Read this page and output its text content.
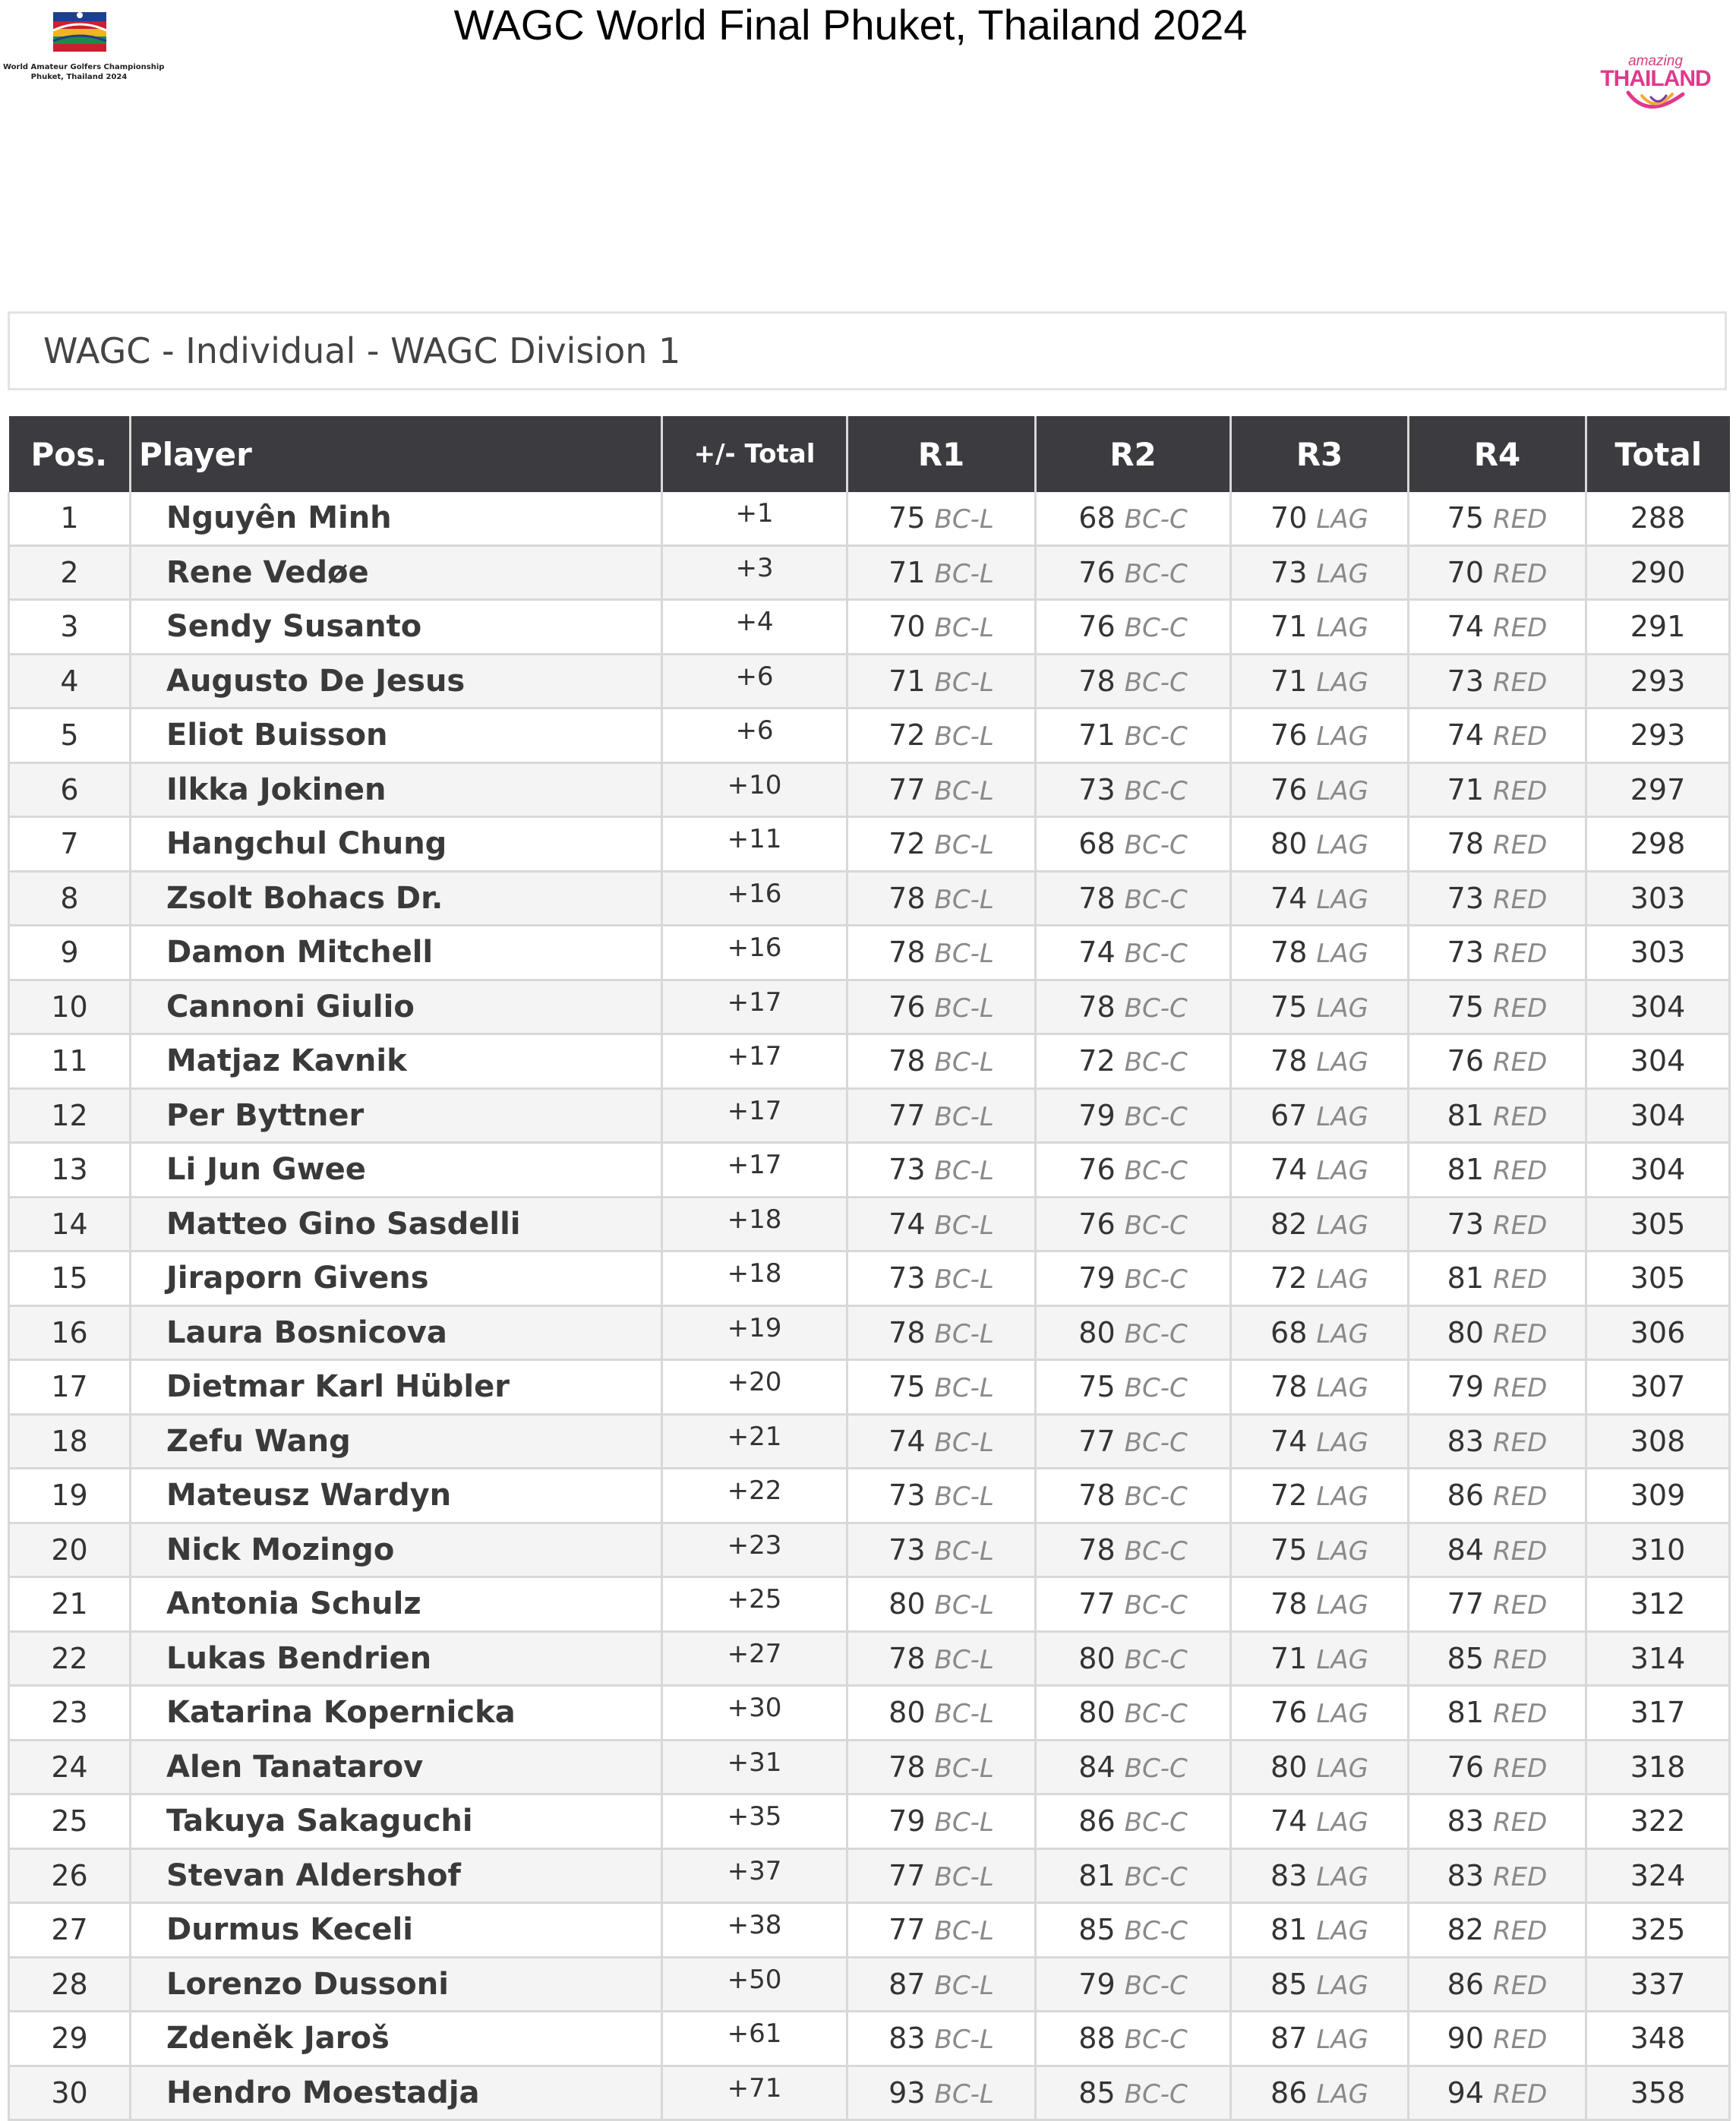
World Amateur Golfers Championship
Phuket, Thailand 2024
WAGC World Final Phuket, Thailand 2024
amazing
THAILAND
WAGC - Individual - WAGC Division 1
Pos.	Player	+/- Total	R1	R2	R3	R4	Total
1	Nguyên Minh	+1	75 BC-L	68 BC-C	70 LAG	75 RED	288
2	Rene Vedøe	+3	71 BC-L	76 BC-C	73 LAG	70 RED	290
3	Sendy Susanto	+4	70 BC-L	76 BC-C	71 LAG	74 RED	291
4	Augusto De Jesus	+6	71 BC-L	78 BC-C	71 LAG	73 RED	293
5	Eliot Buisson	+6	72 BC-L	71 BC-C	76 LAG	74 RED	293
6	Ilkka Jokinen	+10	77 BC-L	73 BC-C	76 LAG	71 RED	297
7	Hangchul Chung	+11	72 BC-L	68 BC-C	80 LAG	78 RED	298
8	Zsolt Bohacs Dr.	+16	78 BC-L	78 BC-C	74 LAG	73 RED	303
9	Damon Mitchell	+16	78 BC-L	74 BC-C	78 LAG	73 RED	303
10	Cannoni Giulio	+17	76 BC-L	78 BC-C	75 LAG	75 RED	304
11	Matjaz Kavnik	+17	78 BC-L	72 BC-C	78 LAG	76 RED	304
12	Per Byttner	+17	77 BC-L	79 BC-C	67 LAG	81 RED	304
13	Li Jun Gwee	+17	73 BC-L	76 BC-C	74 LAG	81 RED	304
14	Matteo Gino Sasdelli	+18	74 BC-L	76 BC-C	82 LAG	73 RED	305
15	Jiraporn Givens	+18	73 BC-L	79 BC-C	72 LAG	81 RED	305
16	Laura Bosnicova	+19	78 BC-L	80 BC-C	68 LAG	80 RED	306
17	Dietmar Karl Hübler	+20	75 BC-L	75 BC-C	78 LAG	79 RED	307
18	Zefu Wang	+21	74 BC-L	77 BC-C	74 LAG	83 RED	308
19	Mateusz Wardyn	+22	73 BC-L	78 BC-C	72 LAG	86 RED	309
20	Nick Mozingo	+23	73 BC-L	78 BC-C	75 LAG	84 RED	310
21	Antonia Schulz	+25	80 BC-L	77 BC-C	78 LAG	77 RED	312
22	Lukas Bendrien	+27	78 BC-L	80 BC-C	71 LAG	85 RED	314
23	Katarina Kopernicka	+30	80 BC-L	80 BC-C	76 LAG	81 RED	317
24	Alen Tanatarov	+31	78 BC-L	84 BC-C	80 LAG	76 RED	318
25	Takuya Sakaguchi	+35	79 BC-L	86 BC-C	74 LAG	83 RED	322
26	Stevan Aldershof	+37	77 BC-L	81 BC-C	83 LAG	83 RED	324
27	Durmus Keceli	+38	77 BC-L	85 BC-C	81 LAG	82 RED	325
28	Lorenzo Dussoni	+50	87 BC-L	79 BC-C	85 LAG	86 RED	337
29	Zdeněk Jaroš	+61	83 BC-L	88 BC-C	87 LAG	90 RED	348
30	Hendro Moestadja	+71	93 BC-L	85 BC-C	86 LAG	94 RED	358
